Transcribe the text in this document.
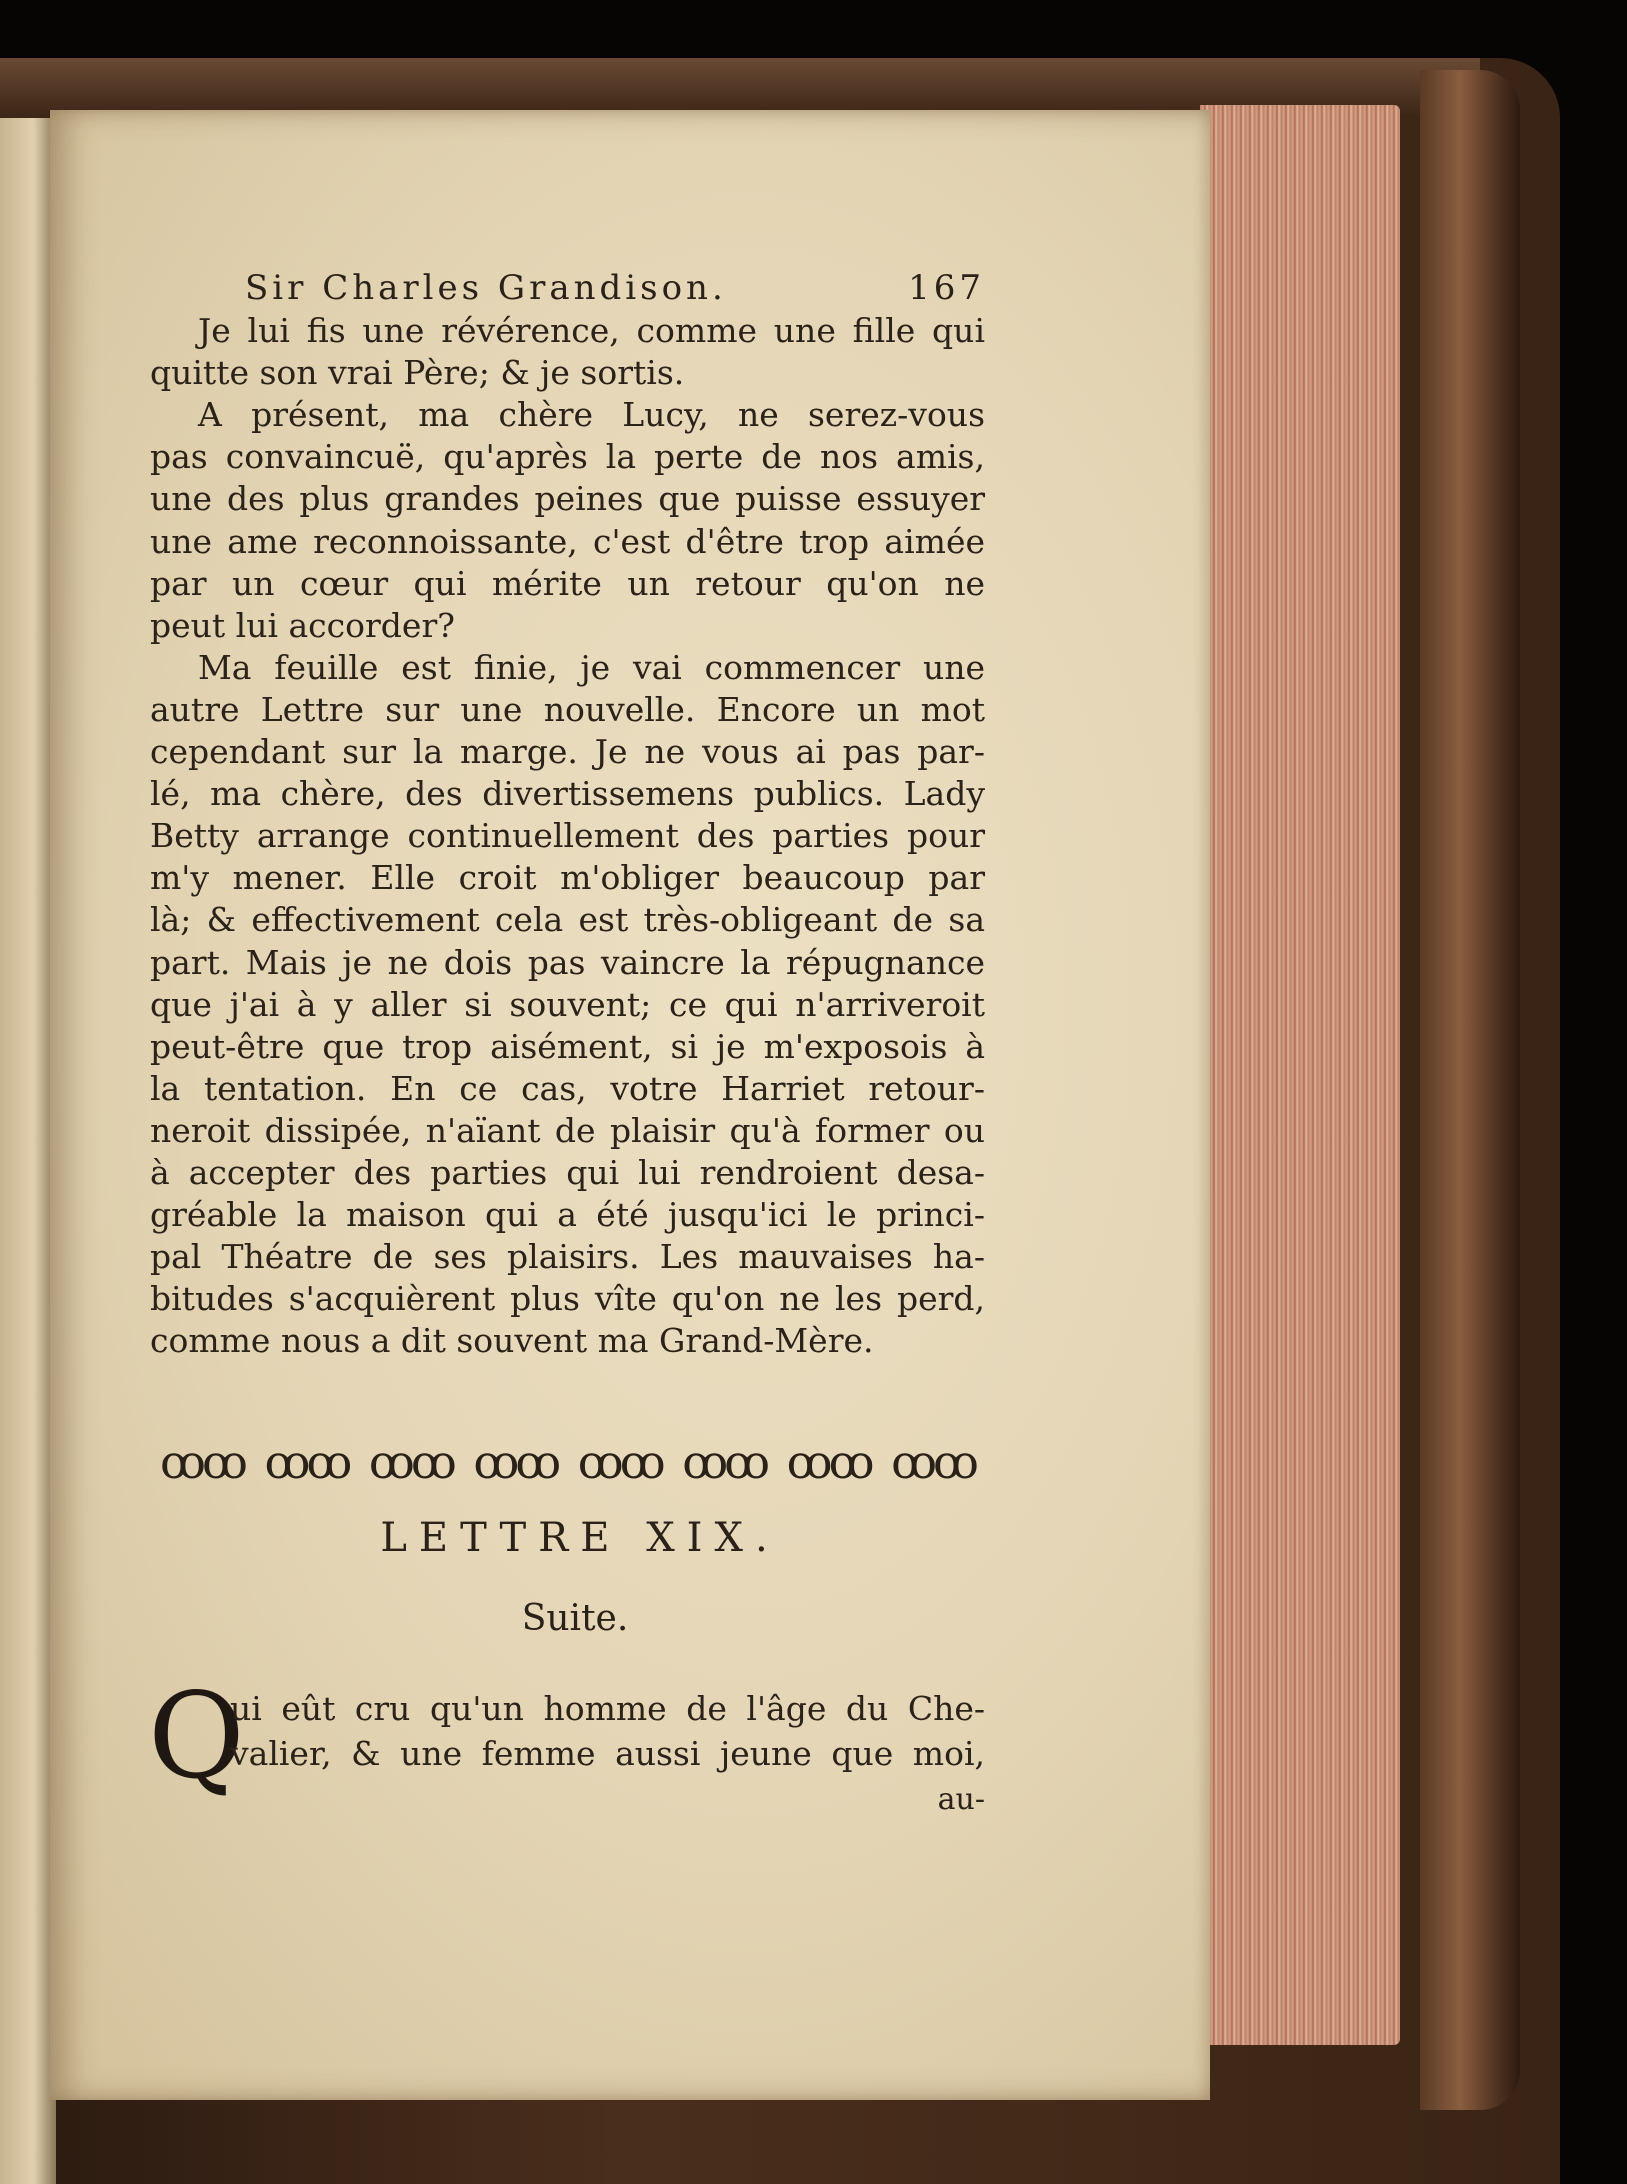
Sir Charles Grandison.	167
Je lui fis une révérence, comme une fille qui
quitte son vrai Père; & je sortis.
A présent, ma chère Lucy, ne serez-vous
pas convaincuë, qu'après la perte de nos amis,
une des plus grandes peines que puisse essuyer
une ame reconnoissante, c'est d'être trop aimée
par un cœur qui mérite un retour qu'on ne
peut lui accorder?
Ma feuille est finie, je vai commencer une
autre Lettre sur une nouvelle. Encore un mot
cependant sur la marge. Je ne vous ai pas par-
lé, ma chère, des divertissemens publics. Lady
Betty arrange continuellement des parties pour
m'y mener. Elle croit m'obliger beaucoup par
là; & effectivement cela est très-obligeant de sa
part. Mais je ne dois pas vaincre la répugnance
que j'ai à y aller si souvent; ce qui n'arriveroit
peut-être que trop aisément, si je m'exposois à
la tentation. En ce cas, votre Harriet retour-
neroit dissipée, n'aïant de plaisir qu'à former ou
à accepter des parties qui lui rendroient desa-
gréable la maison qui a été jusqu'ici le princi-
pal Théatre de ses plaisirs. Les mauvaises ha-
bitudes s'acquièrent plus vîte qu'on ne les perd,
comme nous a dit souvent ma Grand-Mère.
ꝏꝏ ꝏꝏ ꝏꝏ ꝏꝏ ꝏꝏ ꝏꝏ ꝏꝏ ꝏꝏ
LETTRE XIX.
Suite.
Q
ui eût cru qu'un homme de l'âge du Che-
valier, & une femme aussi jeune que moi,
au-
